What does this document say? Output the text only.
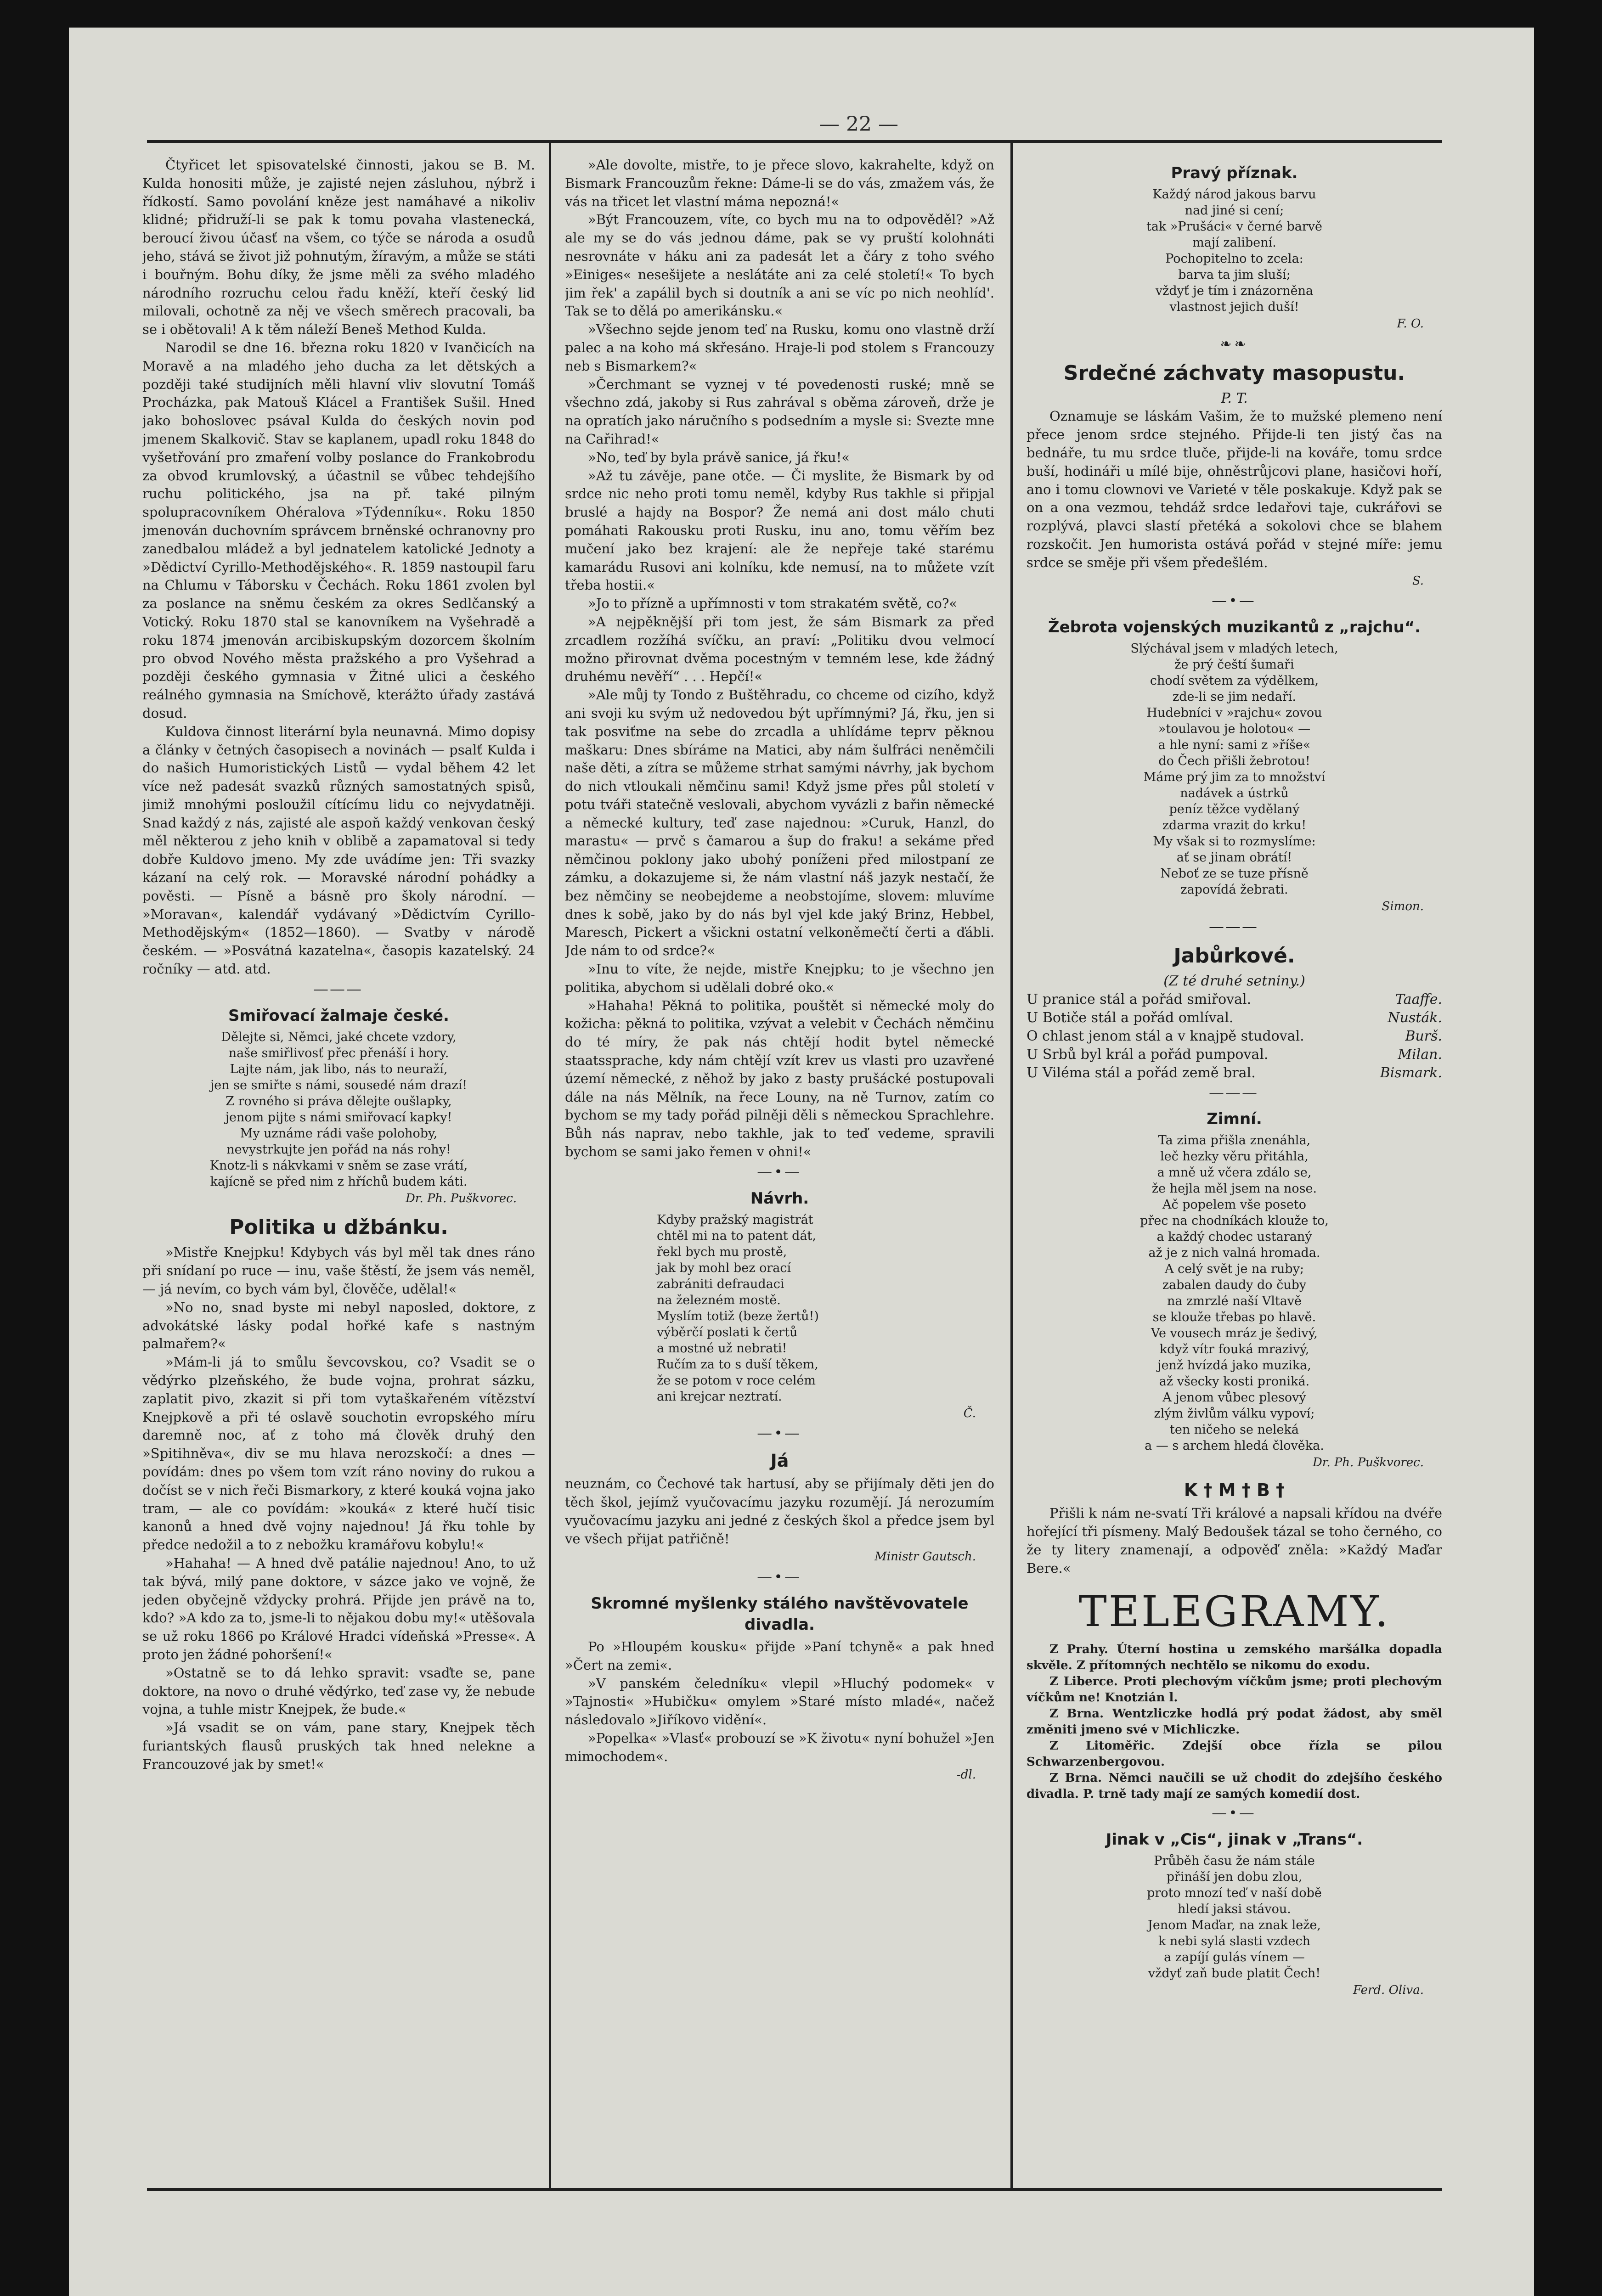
— 22 —

Čtyřicet let spisovatelské činnosti, jakou se B. M. Kulda honositi může, je zajisté nejen zásluhou, nýbrž i řídkostí. Samo povolání kněze jest namáhavé a nikoliv klidné; přidruží-li se pak k tomu povaha vlastenecká, beroucí živou účasť na všem, co týče se národa a osudů jeho, stává se život již pohnutým, žíravým, a může se státi i bouřným. Bohu díky, že jsme měli za svého mladého národního rozruchu celou řadu kněží, kteří český lid milovali, ochotně za něj ve všech směrech pracovali, ba se i obětovali! A k těm náleží Beneš Method Kulda.

Narodil se dne 16. března roku 1820 v Ivančicích na Moravě a na mladého jeho ducha za let dětských a později také studijních měli hlavní vliv slovutní Tomáš Procházka, pak Matouš Klácel a František Sušil. Hned jako bohoslovec psával Kulda do českých novin pod jmenem Skalkovič. Stav se kaplanem, upadl roku 1848 do vyšetřování pro zmaření volby poslance do Frankobrodu za obvod krumlovský, a účastnil se vůbec tehdejšího ruchu politického, jsa na př. také pilným spolupracovníkem Ohéralova »Týdenníku«. Roku 1850 jmenován duchovním správcem brněnské ochranovny pro zanedbalou mládež a byl jednatelem katolické Jednoty a »Dědictví Cyrillo-Methodějského«. R. 1859 nastoupil faru na Chlumu v Táborsku v Čechách. Roku 1861 zvolen byl za poslance na sněmu českém za okres Sedlčanský a Votický. Roku 1870 stal se kanovníkem na Vyšehradě a roku 1874 jmenován arcibiskupským dozorcem školním pro obvod Nového města pražského a pro Vyšehrad a později českého gymnasia v Žitné ulici a českého reálného gymnasia na Smíchově, kterážto úřady zastává dosud.

Kuldova činnost literární byla neunavná. Mimo dopisy a články v četných časopisech a novinách — psalť Kulda i do našich Humoristických Listů — vydal během 42 let více než padesát svazků různých samostatných spisů, jimiž mnohými posloužil cítícímu lidu co nejvydatněji. Snad každý z nás, zajisté ale aspoň každý venkovan český měl některou z jeho knih v oblibě a zapamatoval si tedy dobře Kuldovo jmeno. My zde uvádíme jen: Tři svazky kázaní na celý rok. — Moravské národní pohádky a pověsti. — Písně a básně pro školy národní. — »Moravan«, kalendář vydávaný »Dědictvím Cyrillo-Methodějským« (1852—1860). — Svatby v národě českém. — »Posvátná kazatelna«, časopis kazatelský. 24 ročníky — atd. atd.

―――
Smiřovací žalmaje české.
Dělejte si, Němci, jaké chcete vzdory,
naše smiřlivosť přec přenáší i hory.
Lajte nám, jak libo, nás to neuraží,
jen se smiřte s námi, sousedé nám drazí!
Z rovného si práva dělejte oušlapky,
jenom pijte s námi smiřovací kapky!
My uznáme rádi vaše polohoby,
nevystrkujte jen pořád na nás rohy!
Knotz-li s nákvkami v sněm se zase vrátí,
kajícně se před nim z hříchů budem káti.
Dr. Ph. Puškvorec.
Politika u džbánku.

»Mistře Knejpku! Kdybych vás byl měl tak dnes ráno při snídaní po ruce — inu, vaše štěstí, že jsem vás neměl, — já nevím, co bych vám byl, člověče, udělal!«

»No no, snad byste mi nebyl naposled, doktore, z advokátské lásky podal hořké kafe s nastným palmařem?«

»Mám-li já to smůlu ševcovskou, co? Vsadit se o vědýrko plzeňského, že bude vojna, prohrat sázku, zaplatit pivo, zkazit si při tom vytaškařeném vítězství Knejpkově a při té oslavě souchotin evropského míru daremně noc, ať z toho má člověk druhý den »Spitihněva«, div se mu hlava nerozskočí: a dnes — povídám: dnes po všem tom vzít ráno noviny do rukou a dočíst se v nich řeči Bismarkory, z které kouká vojna jako tram, — ale co povídám: »kouká« z které hučí tisic kanonů a hned dvě vojny najednou! Já řku tohle by předce nedožil a to z nebožku kramářovu kobylu!«

»Hahaha! — A hned dvě patálie najednou! Ano, to už tak bývá, milý pane doktore, v sázce jako ve vojně, že jeden obyčejně vždycky prohrá. Přijde jen právě na to, kdo? »A kdo za to, jsme-li to nějakou dobu my!« utěšovala se už roku 1866 po Králové Hradci vídeňská »Presse«. A proto jen žádné pohoršení!«

»Ostatně se to dá lehko spravit: vsaďte se, pane doktore, na novo o druhé vědýrko, teď zase vy, že nebude vojna, a tuhle mistr Knejpek, že bude.«

»Já vsadit se on vám, pane stary, Knejpek těch furiantských flausů pruských tak hned nelekne a Francouzové jak by smet!«

»Ale dovolte, mistře, to je přece slovo, kakrahelte, když on Bismark Francouzům řekne: Dáme-li se do vás, zmažem vás, že vás na třicet let vlastní máma nepozná!«

»Být Francouzem, víte, co bych mu na to odpověděl? »Až ale my se do vás jednou dáme, pak se vy pruští kolohnáti nesrovnáte v háku ani za padesát let a čáry z toho svého »Einiges« nesešijete a neslátáte ani za celé století!« To bych jim řek' a zapálil bych si doutník a ani se víc po nich neohlíd'. Tak se to dělá po amerikánsku.«

»Všechno sejde jenom teď na Rusku, komu ono vlastně drží palec a na koho má skřesáno. Hraje-li pod stolem s Francouzy neb s Bismarkem?«

»Čerchmant se vyznej v té povedenosti ruské; mně se všechno zdá, jakoby si Rus zahrával s oběma zároveň, drže je na opratích jako náručního s podsedním a mysle si: Svezte mne na Cařihrad!«

»No, teď by byla právě sanice, já řku!«

»Až tu závěje, pane otče. — Či myslite, že Bismark by od srdce nic neho proti tomu neměl, kdyby Rus takhle si připjal bruslé a hajdy na Bospor? Že nemá ani dost málo chuti pomáhati Rakousku proti Rusku, inu ano, tomu věřím bez mučení jako bez krajení: ale že nepřeje také starému kamarádu Rusovi ani kolníku, kde nemusí, na to můžete vzít třeba hostii.«

»Jo to přízně a upřímnosti v tom strakatém světě, co?«

»A nejpěknější při tom jest, že sám Bismark za před zrcadlem rozžíhá svíčku, an praví: „Politiku dvou velmocí možno přirovnat dvěma pocestným v temném lese, kde žádný druhému nevěří“ . . . Hepčí!«

»Ale můj ty Tondo z Buštěhradu, co chceme od cizího, když ani svoji ku svým už nedovedou být upřímnými? Já, řku, jen si tak posviťme na sebe do zrcadla a uhlídáme teprv pěknou maškaru: Dnes sbíráme na Matici, aby nám šulfráci neněmčili naše děti, a zítra se můžeme strhat samými návrhy, jak bychom do nich vtloukali němčinu sami! Když jsme přes půl století v potu tváři statečně veslovali, abychom vyvázli z bařin německé a německé kultury, teď zase najednou: »Curuk, Hanzl, do marastu« — prvč s čamarou a šup do fraku! a sekáme před němčinou poklony jako ubohý poníženi před milostpaní ze zámku, a dokazujeme si, že nám vlastní náš jazyk nestačí, že bez němčiny se neobejdeme a neobstojíme, slovem: mluvíme dnes k sobě, jako by do nás byl vjel kde jaký Brinz, Hebbel, Maresch, Pickert a všickni ostatní velkoněmečtí čerti a ďábli. Jde nám to od srdce?«

»Inu to víte, že nejde, mistře Knejpku; to je všechno jen politika, abychom si udělali dobré oko.«

»Hahaha! Pěkná to politika, pouštět si německé moly do kožicha: pěkná to politika, vzývat a velebit v Čechách němčinu do té míry, že pak nás chtějí hodit bytel německé staatssprache, kdy nám chtějí vzít krev us vlasti pro uzavřené území německé, z něhož by jako z basty prušácké postupovali dále na nás Mělník, na řece Louny, na ně Turnov, zatím co bychom se my tady pořád pilněji děli s německou Sprachlehre. Bůh nás naprav, nebo takhle, jak to teď vedeme, spravili bychom se sami jako řemen v ohni!«

―•―
Návrh.
Kdyby pražský magistrát
chtěl mi na to patent dát,
řekl bych mu prostě,
jak by mohl bez orací
zabrániti defraudaci
na železném mostě.
Myslím totiž (beze žertů!)
výběrčí poslati k čertů
a mostné už nebrati!
Ručím za to s duší těkem,
že se potom v roce celém
ani krejcar neztratí.
Č.
―•―
Já

neuznám, co Čechové tak hartusí, aby se přijímaly děti jen do těch škol, jejímž vyučovacímu jazyku rozumějí. Já nerozumím vyučovacímu jazyku ani jedné z českých škol a předce jsem byl ve všech přijat patřičně!

Ministr Gautsch.
―•―
Skromné myšlenky stálého navštěvovatele divadla.

Po »Hloupém kousku« přijde »Paní tchyně« a pak hned »Čert na zemi«.

»V panském čeledníku« vlepil »Hluchý podomek« v »Tajnosti« »Hubičku« omylem »Staré místo mladé«, načež následovalo »Jiříkovo vidění«.

»Popelka« »Vlasť« probouzí se »K životu« nyní bohužel »Jen mimochodem«.

-dl.
Pravý příznak.
Každý národ jakous barvu
nad jiné si cení;
tak »Prušáci« v černé barvě
mají zalibení.
Pochopitelno to zcela:
barva ta jim sluší;
vždyť je tím i znázorněna
vlastnost jejich duší!
F. O.
❧❧
Srdečné záchvaty masopustu.
P. T.

Oznamuje se láskám Vašim, že to mužské plemeno není přece jenom srdce stejného. Přijde-li ten jistý čas na bednáře, tu mu srdce tluče, přijde-li na kováře, tomu srdce buší, hodináři u mílé bije, ohněstrůjcovi plane, hasičovi hoří, ano i tomu clownovi ve Varieté v těle poskakuje. Když pak se on a ona vezmou, tehdáž srdce ledařovi taje, cukrářovi se rozplývá, plavci slastí přetéká a sokolovi chce se blahem rozskočit. Jen humorista ostává pořád v stejné míře: jemu srdce se směje při všem předešlém.

S.
―•―
Žebrota vojenských muzikantů z „rajchu“.
Slýchával jsem v mladých letech,
že prý čeští šumaři
chodí světem za výdělkem,
zde-li se jim nedaří.
Hudebníci v »rajchu« zovou
»toulavou je holotou« —
a hle nyní: sami z »říše«
do Čech přišli žebrotou!
Máme prý jim za to množství
nadávek a ústrků
peníz těžce vydělaný
zdarma vrazit do krku!
My však si to rozmyslíme:
ať se jinam obrátí!
Neboť ze se tuze přísně
zapovídá žebrati.
Simon.
―――
Jabůrkové.
(Z té druhé setniny.)
U pranice stál a pořád smiřoval.	Taaffe.
U Botiče stál a pořád omlíval.	Nusták.
O chlast jenom stál a v knajpě studoval.	Burš.
U Srbů byl král a pořád pumpoval.	Milan.
U Viléma stál a pořád země bral.	Bismark.
―――
Zimní.
Ta zima přišla znenáhla,
leč hezky věru přitáhla,
a mně už včera zdálo se,
že hejla měl jsem na nose.
Ač popelem vše posetо
přec na chodníkách klouže to,
a každý chodec ustaraný
až je z nich valná hromada.
A celý svět je na ruby;
zabalen daudy do čuby
na zmrzlé naší Vltavě
se klouže třebas po hlavě.
Ve vousech mráz je šedivý,
když vítr fouká mrazivý,
jenž hvízdá jako muzika,
až všecky kosti proniká.
A jenom vůbec plesový
zlým živlům válku vypoví;
ten ničeho se neleká
a — s archem hledá člověka.
Dr. Ph. Puškvorec.
K † M † B †

Přišli k nám ne-svatí Tři králové a napsali křídou na dvéře hořející tři písmeny. Malý Bedoušek tázal se toho černého, co že ty litery znamenají, a odpověď zněla: »Každý Maďar Bere.«

TELEGRAMY.

Z Prahy. Úterní hostina u zemského maršálka dopadla skvěle. Z přítomných nechtělo se nikomu do exodu.

Z Liberce. Proti plechovým víčkům jsme; proti plechovým víčkům ne! Knotzián l.

Z Brna. Wentzliczke hodlá prý podat žádost, aby směl změniti jmeno své v Michliczke.

Z Litoměřic. Zdejší obce řízla se pilou Schwarzenbergovou.

Z Brna. Němci naučili se už chodit do zdejšího českého divadla. P. trně tady mají ze samých komedií dost.

―•―
Jinak v „Cis“, jinak v „Trans“.
Průběh času že nám stále
přináší jen dobu zlou,
proto mnozí teď v naší době
hledí jaksi stávou.
Jenom Maďar, na znak leže,
k nebi sylá slasti vzdech
a zapíjí gulás vínem —
vždyť zaň bude platit Čech!
Ferd. Oliva.
